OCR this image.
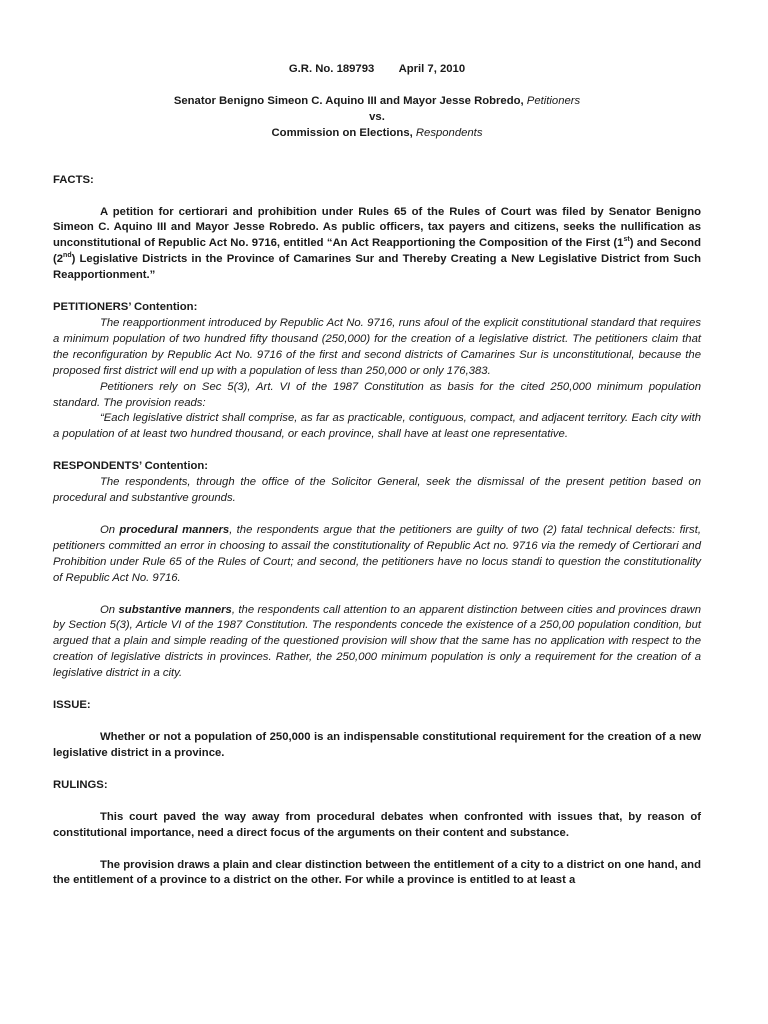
G.R. No. 189793 April 7, 2010
Senator Benigno Simeon C. Aquino III and Mayor Jesse Robredo, Petitioners
vs.
Commission on Elections, Respondents

FACTS:

A petition for certiorari and prohibition under Rules 65 of the Rules of Court was filed by Senator Benigno Simeon C. Aquino III and Mayor Jesse Robredo. As public officers, tax payers and citizens, seeks the nullification as unconstitutional of Republic Act No. 9716, entitled “An Act Reapportioning the Composition of the First (1st) and Second (2nd) Legislative Districts in the Province of Camarines Sur and Thereby Creating a New Legislative District from Such Reapportionment.”

PETITIONERS’ Contention:

The reapportionment introduced by Republic Act No. 9716, runs afoul of the explicit constitutional standard that requires a minimum population of two hundred fifty thousand (250,000) for the creation of a legislative district. The petitioners claim that the reconfiguration by Republic Act No. 9716 of the first and second districts of Camarines Sur is unconstitutional, because the proposed first district will end up with a population of less than 250,000 or only 176,383.

Petitioners rely on Sec 5(3), Art. VI of the 1987 Constitution as basis for the cited 250,000 minimum population standard. The provision reads:

“Each legislative district shall comprise, as far as practicable, contiguous, compact, and adjacent territory. Each city with a population of at least two hundred thousand, or each province, shall have at least one representative.

RESPONDENTS’ Contention:

The respondents, through the office of the Solicitor General, seek the dismissal of the present petition based on procedural and substantive grounds.

On procedural manners, the respondents argue that the petitioners are guilty of two (2) fatal technical defects: first, petitioners committed an error in choosing to assail the constitutionality of Republic Act no. 9716 via the remedy of Certiorari and Prohibition under Rule 65 of the Rules of Court; and second, the petitioners have no locus standi to question the constitutionality of Republic Act No. 9716.

On substantive manners, the respondents call attention to an apparent distinction between cities and provinces drawn by Section 5(3), Article VI of the 1987 Constitution. The respondents concede the existence of a 250,00 population condition, but argued that a plain and simple reading of the questioned provision will show that the same has no application with respect to the creation of legislative districts in provinces. Rather, the 250,000 minimum population is only a requirement for the creation of a legislative district in a city.

ISSUE:

Whether or not a population of 250,000 is an indispensable constitutional requirement for the creation of a new legislative district in a province.

RULINGS:

This court paved the way away from procedural debates when confronted with issues that, by reason of constitutional importance, need a direct focus of the arguments on their content and substance.

The provision draws a plain and clear distinction between the entitlement of a city to a district on one hand, and the entitlement of a province to a district on the other. For while a province is entitled to at least a
